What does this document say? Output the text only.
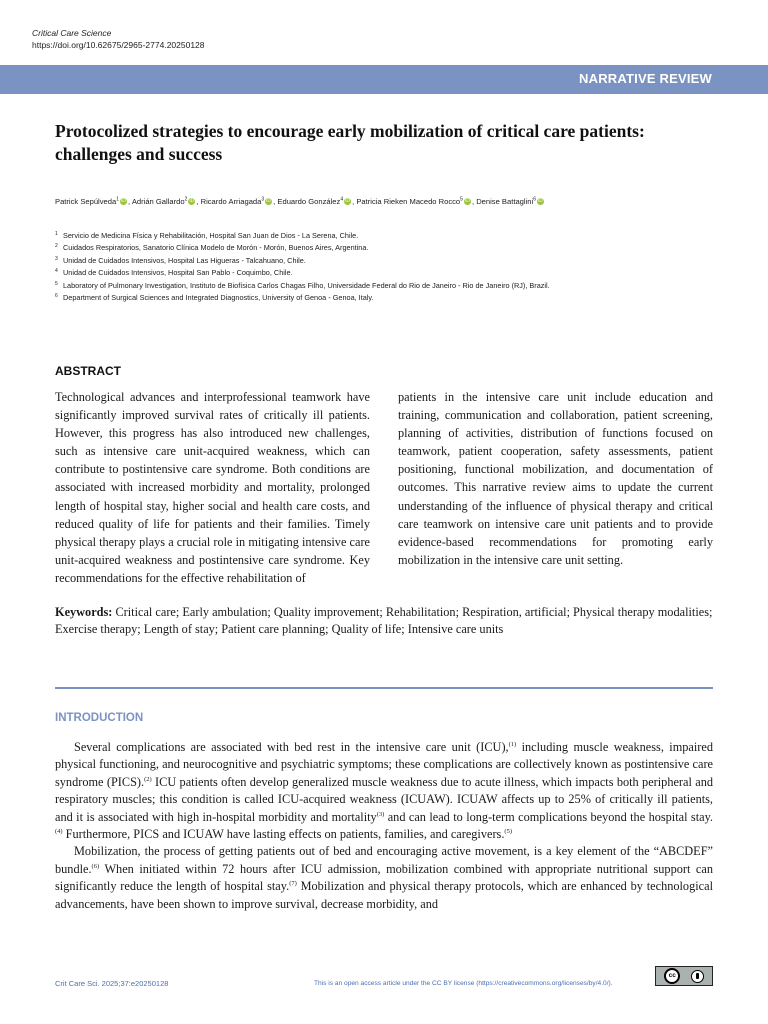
Critical Care Science
https://doi.org/10.62675/2965-2774.20250128
NARRATIVE REVIEW
Protocolized strategies to encourage early mobilization of critical care patients: challenges and success
Patrick Sepúlveda$^1$ iD , Adrián Gallardo$^2$ iD , Ricardo Arriagada$^3$ iD , Eduardo González$^4$ iD , Patricia Rieken Macedo Rocco$^5$ iD , Denise Battaglini$^6$ iD
1 Servicio de Medicina Física y Rehabilitación, Hospital San Juan de Dios - La Serena, Chile.
2 Cuidados Respiratorios, Sanatorio Clínica Modelo de Morón - Morón, Buenos Aires, Argentina.
3 Unidad de Cuidados Intensivos, Hospital Las Higueras - Talcahuano, Chile.
4 Unidad de Cuidados Intensivos, Hospital San Pablo - Coquimbo, Chile.
5 Laboratory of Pulmonary Investigation, Instituto de Biofísica Carlos Chagas Filho, Universidade Federal do Rio de Janeiro - Rio de Janeiro (RJ), Brazil.
6 Department of Surgical Sciences and Integrated Diagnostics, University of Genoa - Genoa, Italy.
ABSTRACT

Technological advances and interprofessional teamwork have significantly improved survival rates of critically ill patients. However, this progress has also introduced new challenges, such as intensive care unit-acquired weakness, which can contribute to postintensive care syndrome. Both conditions are associated with increased morbidity and mortality, prolonged length of hospital stay, higher social and health care costs, and reduced quality of life for patients and their families. Timely physical therapy plays a crucial role in mitigating intensive care unit-acquired weakness and postintensive care syndrome. Key recommendations for the effective rehabilitation of

patients in the intensive care unit include education and training, communication and collaboration, patient screening, planning of activities, distribution of functions focused on teamwork, patient cooperation, safety assessments, patient positioning, functional mobilization, and documentation of outcomes. This narrative review aims to update the current understanding of the influence of physical therapy and critical care teamwork on intensive care unit patients and to provide evidence-based recommendations for promoting early mobilization in the intensive care unit setting.

Keywords: Critical care; Early ambulation; Quality improvement; Rehabilitation; Respiration, artificial; Physical therapy modalities; Exercise therapy; Length of stay; Patient care planning; Quality of life; Intensive care units

INTRODUCTION

Several complications are associated with bed rest in the intensive care unit (ICU),$^{(1)}$ including muscle weakness, impaired physical functioning, and neurocognitive and psychiatric symptoms; these complications are collectively known as postintensive care syndrome (PICS).$^{(2)}$ ICU patients often develop generalized muscle weakness due to acute illness, which impacts both peripheral and respiratory muscles; this condition is called ICU-acquired weakness (ICUAW). ICUAW affects up to 25% of critically ill patients, and it is associated with high in-hospital morbidity and mortality$^{(3)}$ and can lead to long-term complications beyond the hospital stay.$^{(4)}$ Furthermore, PICS and ICUAW have lasting effects on patients, families, and caregivers.$^{(5)}$

Mobilization, the process of getting patients out of bed and encouraging active movement, is a key element of the “ABCDEF” bundle.$^{(6)}$ When initiated within 72 hours after ICU admission, mobilization combined with appropriate nutritional support can significantly reduce the length of hospital stay.$^{(7)}$ Mobilization and physical therapy protocols, which are enhanced by technological advancements, have been shown to improve survival, decrease morbidity, and

Crit Care Sci. 2025;37:e20250128	This is an open access article under the CC BY license (https://creativecommons.org/licenses/by/4.0/).
cc
